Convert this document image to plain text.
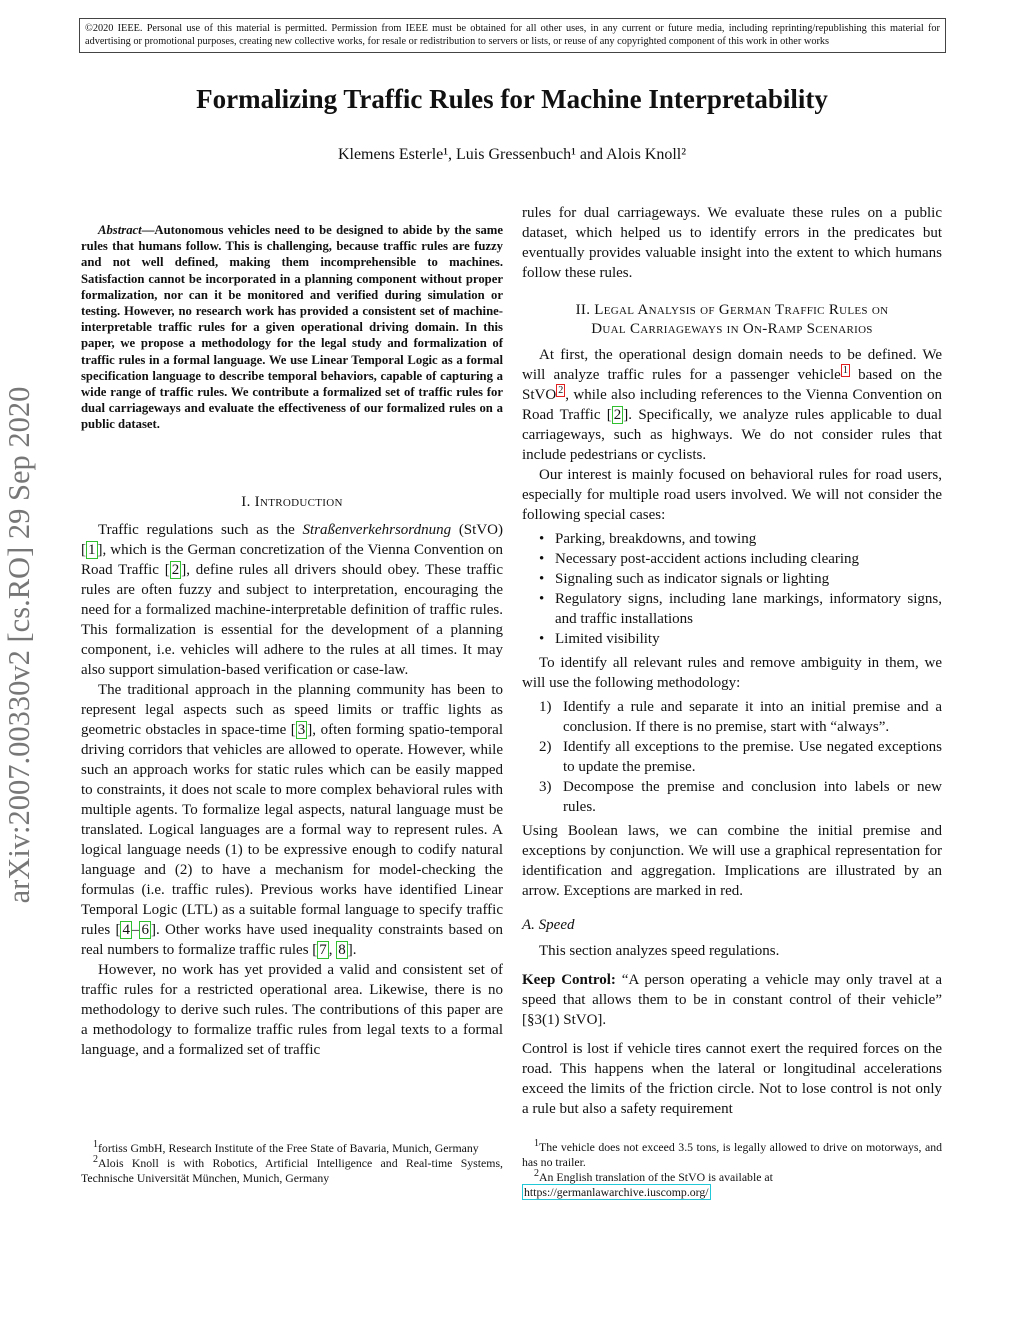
©2020 IEEE. Personal use of this material is permitted. Permission from IEEE must be obtained for all other uses, in any current or future media, including reprinting/republishing this material for advertising or promotional purposes, creating new collective works, for resale or redistribution to servers or lists, or reuse of any copyrighted component of this work in other works
Formalizing Traffic Rules for Machine Interpretability
Klemens Esterle¹, Luis Gressenbuch¹ and Alois Knoll²
arXiv:2007.00330v2 [cs.RO] 29 Sep 2020
Abstract—Autonomous vehicles need to be designed to abide by the same rules that humans follow. This is challenging, because traffic rules are fuzzy and not well defined, making them incomprehensible to machines. Satisfaction cannot be incorporated in a planning component without proper formalization, nor can it be monitored and verified during simulation or testing. However, no research work has provided a consistent set of machine-interpretable traffic rules for a given operational driving domain. In this paper, we propose a methodology for the legal study and formalization of traffic rules in a formal language. We use Linear Temporal Logic as a formal specification language to describe temporal behaviors, capable of capturing a wide range of traffic rules. We contribute a formalized set of traffic rules for dual carriageways and evaluate the effectiveness of our formalized rules on a public dataset.

I. Introduction

Traffic regulations such as the Straßenverkehrsordnung (StVO) [ 1 ], which is the German concretization of the Vienna Convention on Road Traffic [ 2 ], define rules all drivers should obey. These traffic rules are often fuzzy and subject to interpretation, encouraging the need for a formalized machine-interpretable definition of traffic rules. This formalization is essential for the development of a planning component, i.e. vehicles will adhere to the rules at all times. It may also support simulation-based verification or case-law.

The traditional approach in the planning community has been to represent legal aspects such as speed limits or traffic lights as geometric obstacles in space-time [ 3 ], often forming spatio-temporal driving corridors that vehicles are allowed to operate. However, while such an approach works for static rules which can be easily mapped to constraints, it does not scale to more complex behavioral rules with multiple agents. To formalize legal aspects, natural language must be translated. Logical languages are a formal way to represent rules. A logical language needs (1) to be expressive enough to codify natural language and (2) to have a mechanism for model-checking the formulas (i.e. traffic rules). Previous works have identified Linear Temporal Logic (LTL) as a suitable formal language to specify traffic rules [ 4 – 6 ]. Other works have used inequality constraints based on real numbers to formalize traffic rules [ 7 , 8 ].

However, no work has yet provided a valid and consistent set of traffic rules for a restricted operational area. Likewise, there is no methodology to derive such rules. The contributions of this paper are a methodology to formalize traffic rules from legal texts to a formal language, and a formalized set of traffic

$^1$fortiss GmbH, Research Institute of the Free State of Bavaria, Munich, Germany

$^2$Alois Knoll is with Robotics, Artificial Intelligence and Real-time Systems, Technische Universität München, Munich, Germany

rules for dual carriageways. We evaluate these rules on a public dataset, which helped us to identify errors in the predicates but eventually provides valuable insight into the extent to which humans follow these rules.

II. Legal Analysis of German Traffic Rules on
Dual Carriageways in On-Ramp Scenarios

At first, the operational design domain needs to be defined. We will analyze traffic rules for a passenger vehicle $^1$ based on the StVO $^2$ , while also including references to the Vienna Convention on Road Traffic [ 2 ]. Specifically, we analyze rules applicable to dual carriageways, such as highways. We do not consider rules that include pedestrians or cyclists.

Our interest is mainly focused on behavioral rules for road users, especially for multiple road users involved. We will not consider the following special cases:

• Parking, breakdowns, and towing
• Necessary post-accident actions including clearing
• Signaling such as indicator signals or lighting
• Regulatory signs, including lane markings, informatory signs, and traffic installations
• Limited visibility

To identify all relevant rules and remove ambiguity in them, we will use the following methodology:

1) Identify a rule and separate it into an initial premise and a conclusion. If there is no premise, start with “always”.
2) Identify all exceptions to the premise. Use negated exceptions to update the premise.
3) Decompose the premise and conclusion into labels or new rules.

Using Boolean laws, we can combine the initial premise and exceptions by conjunction. We will use a graphical representation for identification and aggregation. Implications are illustrated by an arrow. Exceptions are marked in red.

A. Speed

This section analyzes speed regulations.

Keep Control: “A person operating a vehicle may only travel at a speed that allows them to be in constant control of their vehicle” [§3(1) StVO].

Control is lost if vehicle tires cannot exert the required forces on the road. This happens when the lateral or longitudinal accelerations exceed the limits of the friction circle. Not to lose control is not only a rule but also a safety requirement

$^1$The vehicle does not exceed 3.5 tons, is legally allowed to drive on motorways, and has no trailer.

$^2$An English translation of the StVO is available at

https://germanlawarchive.iuscomp.org/
